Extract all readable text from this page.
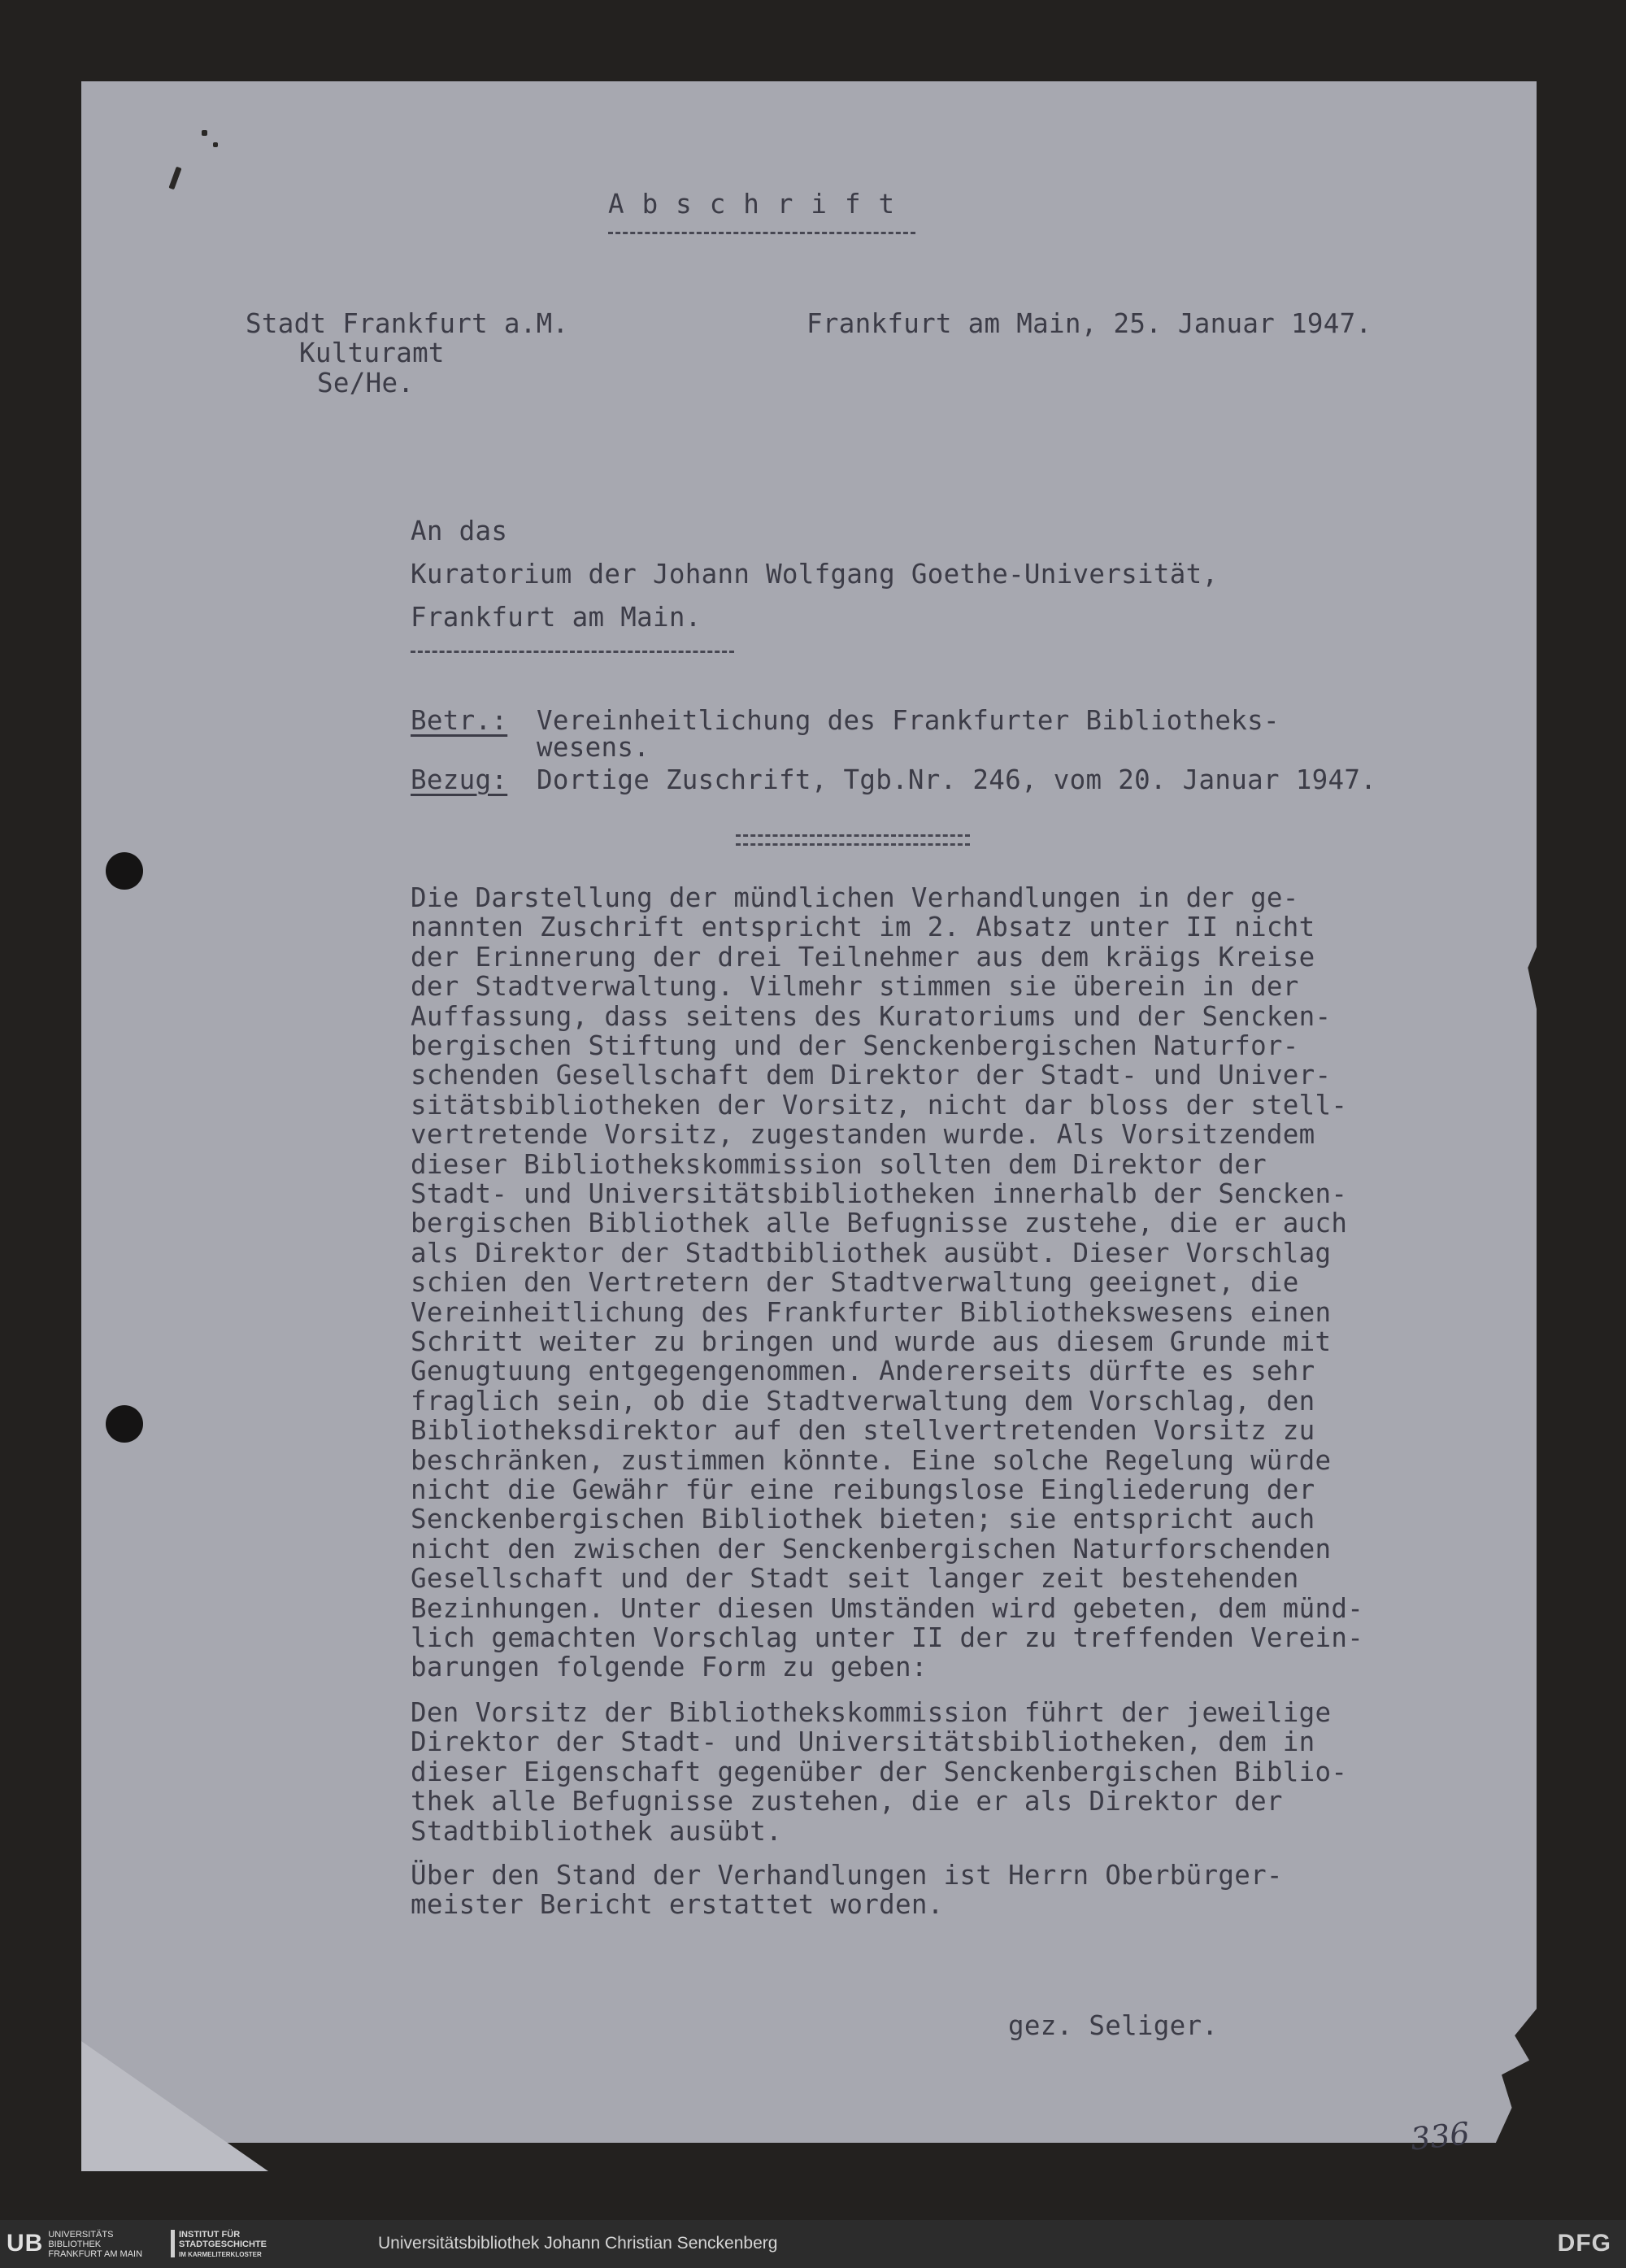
Abschrift
Stadt Frankfurt a.M.
Kulturamt
Se/He.
Frankfurt am Main, 25. Januar 1947.
An das
Kuratorium der Johann Wolfgang Goethe-Universität,
Frankfurt am Main.
Betr.: Vereinheitlichung des Frankfurter Bibliotheks-
wesens.
Bezug: Dortige Zuschrift, Tgb.Nr. 246, vom 20. Januar 1947.
Die Darstellung der mündlichen Verhandlungen in der ge-
nannten Zuschrift entspricht im 2. Absatz unter II nicht
der Erinnerung der drei Teilnehmer aus dem kräigs Kreise
der Stadtverwaltung. Vilmehr stimmen sie überein in der
Auffassung, dass seitens des Kuratoriums und der Sencken-
bergischen Stiftung und der Senckenbergischen Naturfor-
schenden Gesellschaft dem Direktor der Stadt- und Univer-
sitätsbibliotheken der Vorsitz, nicht dar bloss der stell-
vertretende Vorsitz, zugestanden wurde. Als Vorsitzendem
dieser Bibliothekskommission sollten dem Direktor der
Stadt- und Universitätsbibliotheken innerhalb der Sencken-
bergischen Bibliothek alle Befugnisse zustehe, die er auch
als Direktor der Stadtbibliothek ausübt. Dieser Vorschlag
schien den Vertretern der Stadtverwaltung geeignet, die
Vereinheitlichung des Frankfurter Bibliothekswesens einen
Schritt weiter zu bringen und wurde aus diesem Grunde mit
Genugtuung entgegengenommen. Andererseits dürfte es sehr
fraglich sein, ob die Stadtverwaltung dem Vorschlag, den
Bibliotheksdirektor auf den stellvertretenden Vorsitz zu
beschränken, zustimmen könnte. Eine solche Regelung würde
nicht die Gewähr für eine reibungslose Eingliederung der
Senckenbergischen Bibliothek bieten; sie entspricht auch
nicht den zwischen der Senckenbergischen Naturforschenden
Gesellschaft und der Stadt seit langer zeit bestehenden
Bezinhungen. Unter diesen Umständen wird gebeten, dem münd-
lich gemachten Vorschlag unter II der zu treffenden Verein-
barungen folgende Form zu geben:
Den Vorsitz der Bibliothekskommission führt der jeweilige
Direktor der Stadt- und Universitätsbibliotheken, dem in
dieser Eigenschaft gegenüber der Senckenbergischen Biblio-
thek alle Befugnisse zustehen, die er als Direktor der
Stadtbibliothek ausübt.
Über den Stand der Verhandlungen ist Herrn Oberbürger-
meister Bericht erstattet worden.
gez. Seliger.
336
UB UNIVERSITÄTS
BIBLIOTHEK
FRANKFURT AM MAIN
INSTITUT FÜR
STADTGESCHICHTE
IM KARMELITERKLOSTER

Universitätsbibliothek Johann Christian Senckenberg	DFG
